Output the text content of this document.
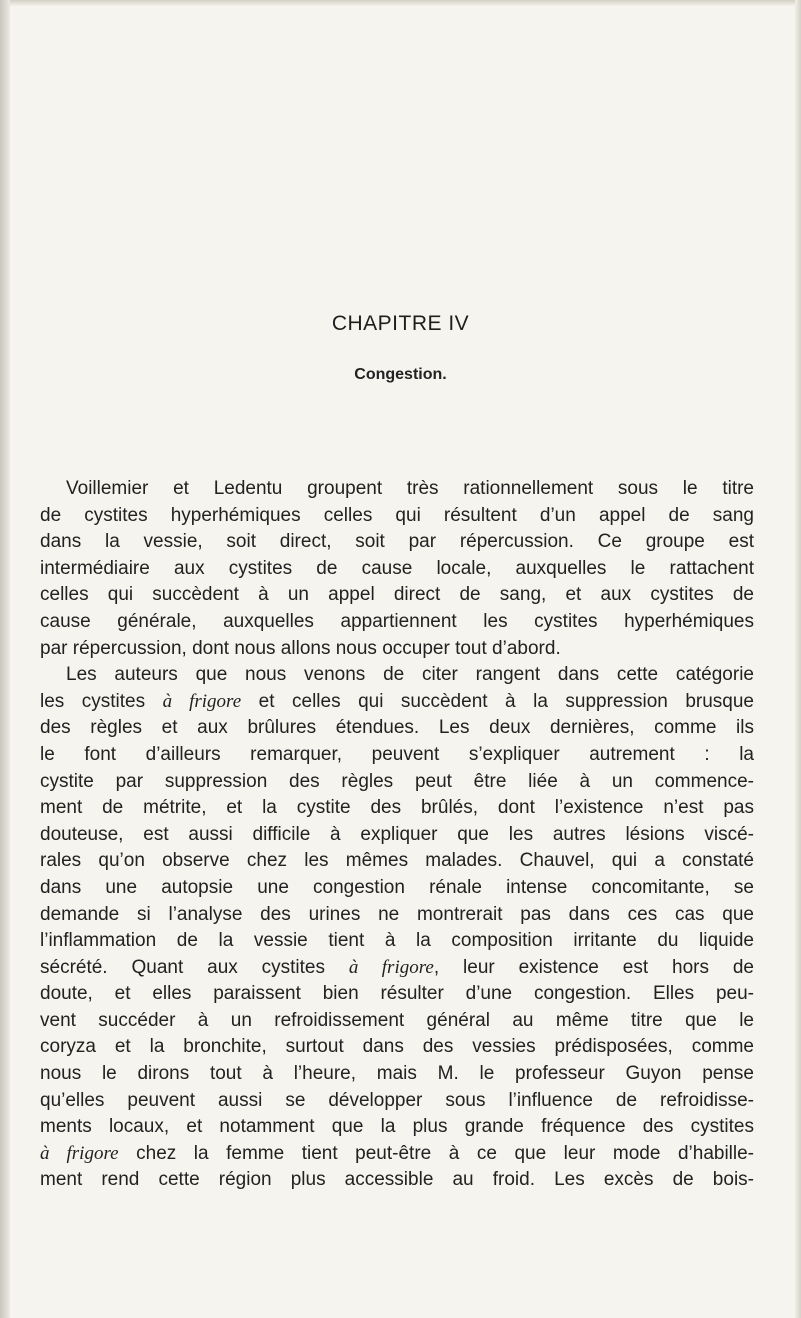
CHAPITRE IV
Congestion.
Voillemier et Ledentu groupent très rationnellement sous le titre
de cystites hyperhémiques celles qui résultent d’un appel de sang
dans la vessie, soit direct, soit par répercussion. Ce groupe est
intermédiaire aux cystites de cause locale, auxquelles le rattachent
celles qui succèdent à un appel direct de sang, et aux cystites de
cause générale, auxquelles appartiennent les cystites hyperhémiques
par répercussion, dont nous allons nous occuper tout d’abord.
Les auteurs que nous venons de citer rangent dans cette catégorie
les cystites à frigore et celles qui succèdent à la suppression brusque
des règles et aux brûlures étendues. Les deux dernières, comme ils
le font d’ailleurs remarquer, peuvent s’expliquer autrement : la
cystite par suppression des règles peut être liée à un commence-
ment de métrite, et la cystite des brûlés, dont l’existence n’est pas
douteuse, est aussi difficile à expliquer que les autres lésions viscé-
rales qu’on observe chez les mêmes malades. Chauvel, qui a constaté
dans une autopsie une congestion rénale intense concomitante, se
demande si l’analyse des urines ne montrerait pas dans ces cas que
l’inflammation de la vessie tient à la composition irritante du liquide
sécrété. Quant aux cystites à frigore, leur existence est hors de
doute, et elles paraissent bien résulter d’une congestion. Elles peu-
vent succéder à un refroidissement général au même titre que le
coryza et la bronchite, surtout dans des vessies prédisposées, comme
nous le dirons tout à l’heure, mais M. le professeur Guyon pense
qu’elles peuvent aussi se développer sous l’influence de refroidisse-
ments locaux, et notamment que la plus grande fréquence des cystites
à frigore chez la femme tient peut-être à ce que leur mode d’habille-
ment rend cette région plus accessible au froid. Les excès de bois-
